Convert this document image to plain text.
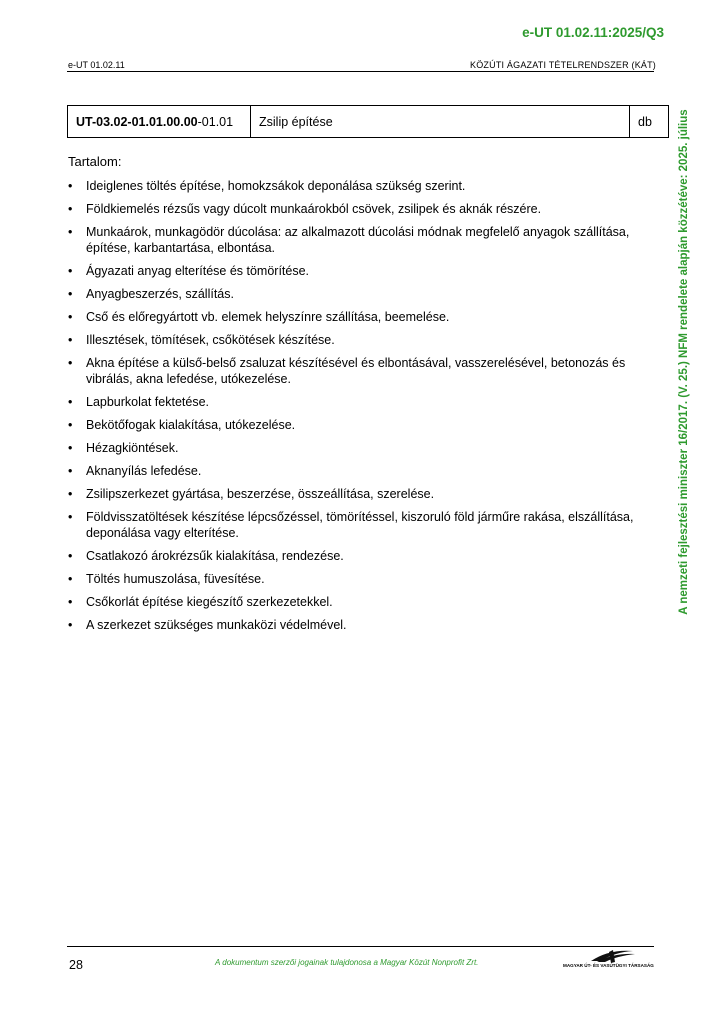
e-UT 01.02.11:2025/Q3
e-UT 01.02.11	KÖZÚTI ÁGAZATI TÉTELRENDSZER (KÁT)
UT-03.02-01.01.00.00 -01.01	Zsilip építése	db
Tartalom:
• Ideiglenes töltés építése, homokzsákok deponálása szükség szerint.
• Földkiemelés rézsűs vagy dúcolt munkaárokból csövek, zsilipek és aknák részére.
• Munkaárok, munkagödör dúcolása: az alkalmazott dúcolási módnak megfelelő anyagok szállítása, építése, karbantartása, elbontása.
• Ágyazati anyag elterítése és tömörítése.
• Anyagbeszerzés, szállítás.
• Cső és előregyártott vb. elemek helyszínre szállítása, beemelése.
• Illesztések, tömítések, csőkötések készítése.
• Akna építése a külső-belső zsaluzat készítésével és elbontásával, vasszerelésével, betonozás és vibrálás, akna lefedése, utókezelése.
• Lapburkolat fektetése.
• Bekötőfogak kialakítása, utókezelése.
• Hézagkiöntések.
• Aknanyílás lefedése.
• Zsilipszerkezet gyártása, beszerzése, összeállítása, szerelése.
• Földvisszatöltések készítése lépcsőzéssel, tömörítéssel, kiszoruló föld járműre rakása, elszállítása, deponálása vagy elterítése.
• Csatlakozó árokrézsűk kialakítása, rendezése.
• Töltés humuszolása, füvesítése.
• Csőkorlát építése kiegészítő szerkezetekkel.
• A szerkezet szükséges munkaközi védelmével.
A nemzeti fejlesztési miniszter 16/2017. (V. 25.) NFM rendelete alapján közzétéve: 2025. július
28	A dokumentum szerzői jogainak tulajdonosa a Magyar Közút Nonprofit Zrt.	MAGYAR ÚT- ÉS VASÚTÜGYI TÁRSASÁG
